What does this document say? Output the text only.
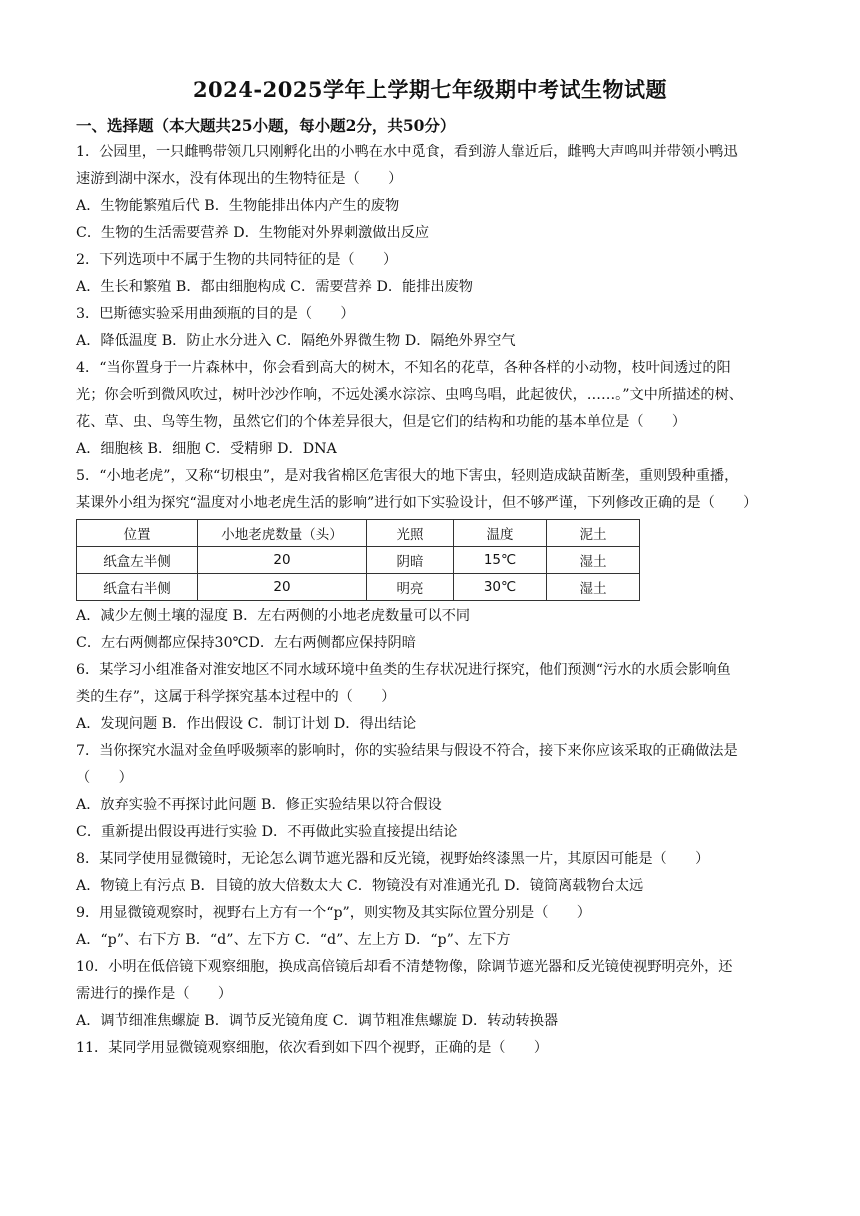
2024-2025学年上学期七年级期中考试生物试题
一、选择题（本大题共25小题，每小题2分，共50分）
1．公园里，一只雌鸭带领几只刚孵化出的小鸭在水中觅食，看到游人靠近后，雌鸭大声鸣叫并带领小鸭迅
速游到湖中深水，没有体现出的生物特征是（　　）
A．生物能繁殖后代 B．生物能排出体内产生的废物
C．生物的生活需要营养 D．生物能对外界刺激做出反应
2．下列选项中不属于生物的共同特征的是（　　）
A．生长和繁殖 B．都由细胞构成 C．需要营养 D．能排出废物
3．巴斯德实验采用曲颈瓶的目的是（　　）
A．降低温度 B．防止水分进入 C．隔绝外界微生物 D．隔绝外界空气
4．“当你置身于一片森林中，你会看到高大的树木，不知名的花草，各种各样的小动物，枝叶间透过的阳
光；你会听到微风吹过，树叶沙沙作响，不远处溪水淙淙、虫鸣鸟唱，此起彼伏，……。”文中所描述的树、
花、草、虫、鸟等生物，虽然它们的个体差异很大，但是它们的结构和功能的基本单位是（　　）
A．细胞核 B．细胞 C．受精卵 D．DNA
5．“小地老虎”，又称“切根虫”，是对我省棉区危害很大的地下害虫，轻则造成缺苗断垄，重则毁种重播，
某课外小组为探究“温度对小地老虎生活的影响”进行如下实验设计，但不够严谨，下列修改正确的是（　　）
位置	小地老虎数量（头）	光照	温度	泥土
纸盒左半侧	20	阴暗	15℃	湿土
纸盒右半侧	20	明亮	30℃	湿土
A．减少左侧土壤的湿度 B．左右两侧的小地老虎数量可以不同
C．左右两侧都应保持30℃D．左右两侧都应保持阴暗
6．某学习小组准备对淮安地区不同水域环境中鱼类的生存状况进行探究，他们预测“污水的水质会影响鱼
类的生存”，这属于科学探究基本过程中的（　　）
A．发现问题 B．作出假设 C．制订计划 D．得出结论
7．当你探究水温对金鱼呼吸频率的影响时，你的实验结果与假设不符合，接下来你应该采取的正确做法是
（　　）
A．放弃实验不再探讨此问题 B．修正实验结果以符合假设
C．重新提出假设再进行实验 D．不再做此实验直接提出结论
8．某同学使用显微镜时，无论怎么调节遮光器和反光镜，视野始终漆黑一片，其原因可能是（　　）
A．物镜上有污点 B．目镜的放大倍数太大 C．物镜没有对准通光孔 D．镜筒离载物台太远
9．用显微镜观察时，视野右上方有一个“p”，则实物及其实际位置分别是（　　）
A．“p”、右下方 B．“d”、左下方 C．“d”、左上方 D．“p”、左下方
10．小明在低倍镜下观察细胞，换成高倍镜后却看不清楚物像，除调节遮光器和反光镜使视野明亮外，还
需进行的操作是（　　）
A．调节细准焦螺旋 B．调节反光镜角度 C．调节粗准焦螺旋 D．转动转换器
11．某同学用显微镜观察细胞，依次看到如下四个视野，正确的是（　　）
